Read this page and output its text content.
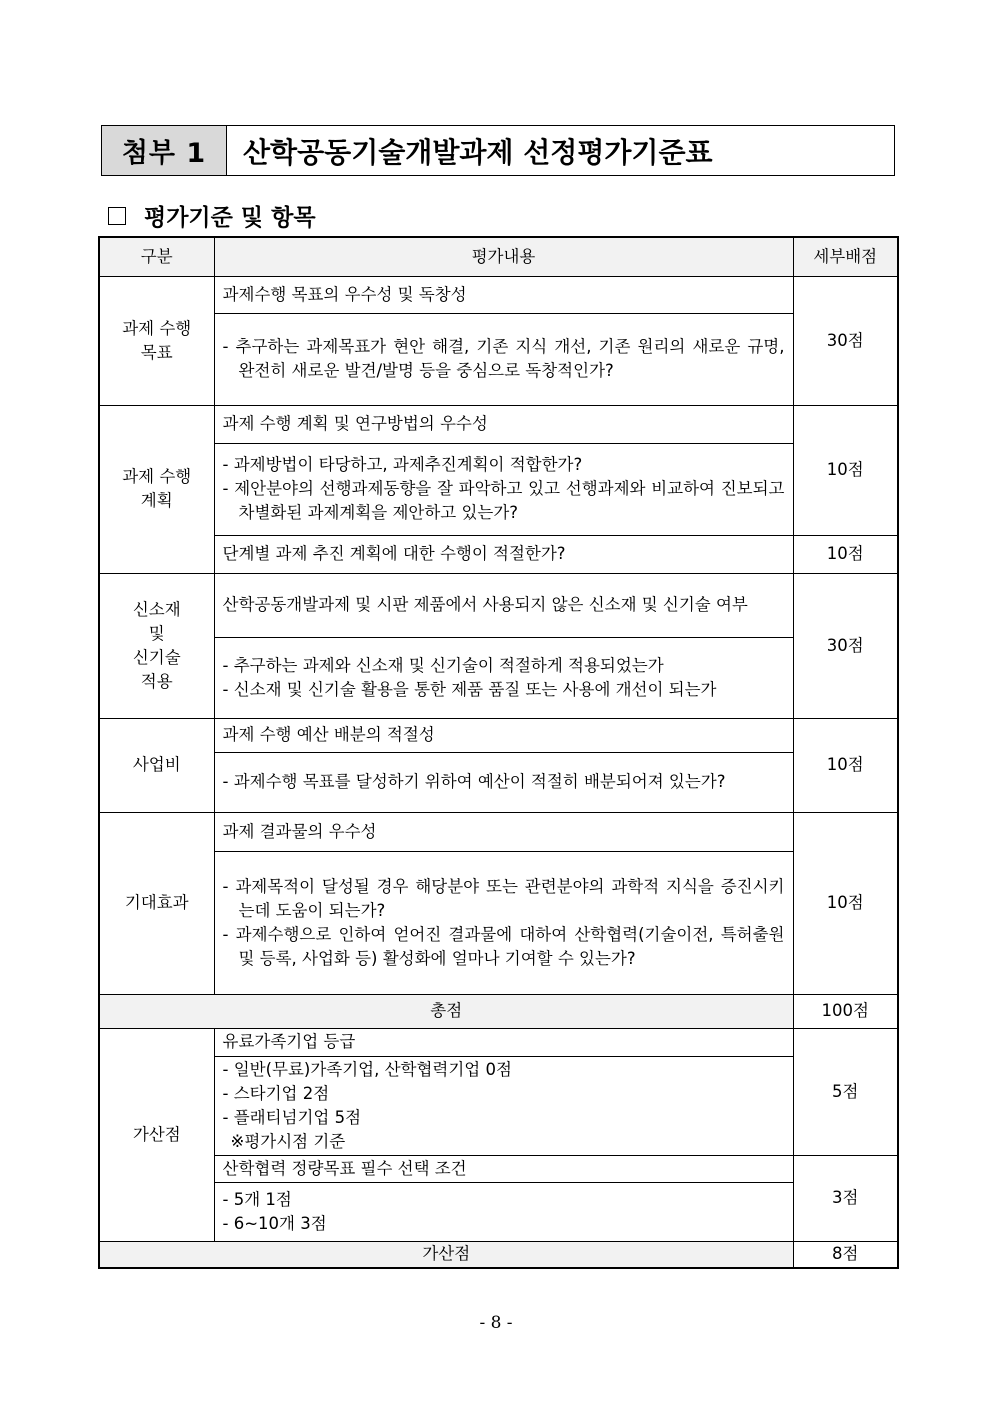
첨부 1	산학공동기술개발과제 선정평가기준표
평가기준 및 항목
구분	평가내용	세부배점
과제 수행
목표	과제수행 목표의 우수성 및 독창성	30점

	- 추구하는 과제목표가 현안 해결, 기존 지식 개선, 기존 원리의 새로운 규명, 완전히 새로운 발견/발명 등을 중심으로 독창적인가?	

과제 수행
계획	과제 수행 계획 및 연구방법의 우수성	10점

	- 과제방법이 타당하고, 과제추진계획이 적합한가?
- 제안분야의 선행과제동향을 잘 파악하고 있고 선행과제와 비교하여 진보되고 차별화된 과제계획을 제안하고 있는가?	

	단계별 과제 추진 계획에 대한 수행이 적절한가?	10점
신소재
및
신기술
적용	산학공동개발과제 및 시판 제품에서 사용되지 않은 신소재 및 신기술 여부	30점

	- 추구하는 과제와 신소재 및 신기술이 적절하게 적용되었는가
- 신소재 및 신기술 활용을 통한 제품 품질 또는 사용에 개선이 되는가	

사업비	과제 수행 예산 배분의 적절성	10점

	- 과제수행 목표를 달성하기 위하여 예산이 적절히 배분되어져 있는가?	

기대효과	과제 결과물의 우수성	10점

	- 과제목적이 달성될 경우 해당분야 또는 관련분야의 과학적 지식을 증진시키는데 도움이 되는가?
- 과제수행으로 인하여 얻어진 결과물에 대하여 산학협력(기술이전, 특허출원 및 등록, 사업화 등) 활성화에 얼마나 기여할 수 있는가?	

총점		100점
가산점	유료가족기업 등급	5점

	- 일반(무료)가족기업, 산학협력기업 0점
- 스타기업 2점
- 플래티넘기업 5점
※평가시점 기준	

	산학협력 정량목표 필수 선택 조건	3점

	- 5개 1점
- 6~10개 3점	

가산점		8점
- 8 -
